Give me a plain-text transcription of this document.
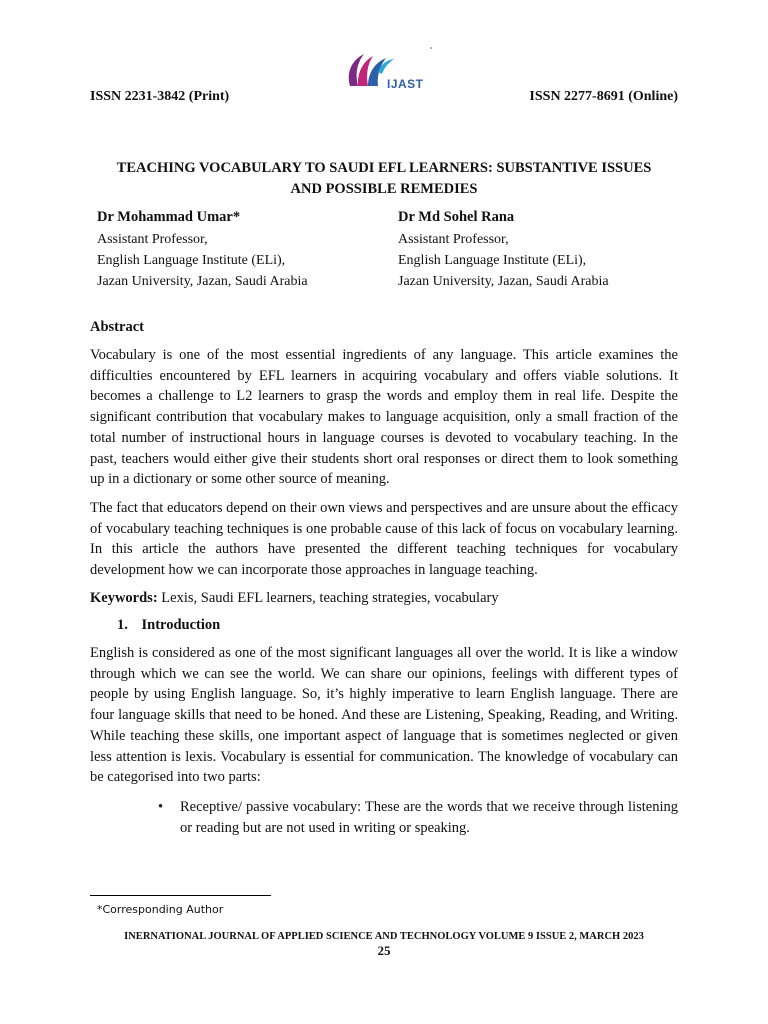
ISSN 2231-3842 (Print)
IJAST
ISSN 2277-8691 (Online)
TEACHING VOCABULARY TO SAUDI EFL LEARNERS: SUBSTANTIVE ISSUES
AND POSSIBLE REMEDIES
Dr Mohammad Umar*
Assistant Professor,
English Language Institute (ELi),
Jazan University, Jazan, Saudi Arabia
Dr Md Sohel Rana
Assistant Professor,
English Language Institute (ELi),
Jazan University, Jazan, Saudi Arabia
Abstract

Vocabulary is one of the most essential ingredients of any language. This article examines the difficulties encountered by EFL learners in acquiring vocabulary and offers viable solutions. It becomes a challenge to L2 learners to grasp the words and employ them in real life. Despite the significant contribution that vocabulary makes to language acquisition, only a small fraction of the total number of instructional hours in language courses is devoted to vocabulary teaching. In the past, teachers would either give their students short oral responses or direct them to look something up in a dictionary or some other source of meaning.

The fact that educators depend on their own views and perspectives and are unsure about the efficacy of vocabulary teaching techniques is one probable cause of this lack of focus on vocabulary learning. In this article the authors have presented the different teaching techniques for vocabulary development how we can incorporate those approaches in language teaching.

Keywords: Lexis, Saudi EFL learners, teaching strategies, vocabulary
1. Introduction

English is considered as one of the most significant languages all over the world. It is like a window through which we can see the world. We can share our opinions, feelings with different types of people by using English language. So, it’s highly imperative to learn English language. There are four language skills that need to be honed. And these are Listening, Speaking, Reading, and Writing. While teaching these skills, one important aspect of language that is sometimes neglected or given less attention is lexis. Vocabulary is essential for communication. The knowledge of vocabulary can be categorised into two parts:

•	Receptive/ passive vocabulary: These are the words that we receive through listening or reading but are not used in writing or speaking.
*Corresponding Author
INERNATIONAL JOURNAL OF APPLIED SCIENCE AND TECHNOLOGY VOLUME 9 ISSUE 2, MARCH 2023
25
